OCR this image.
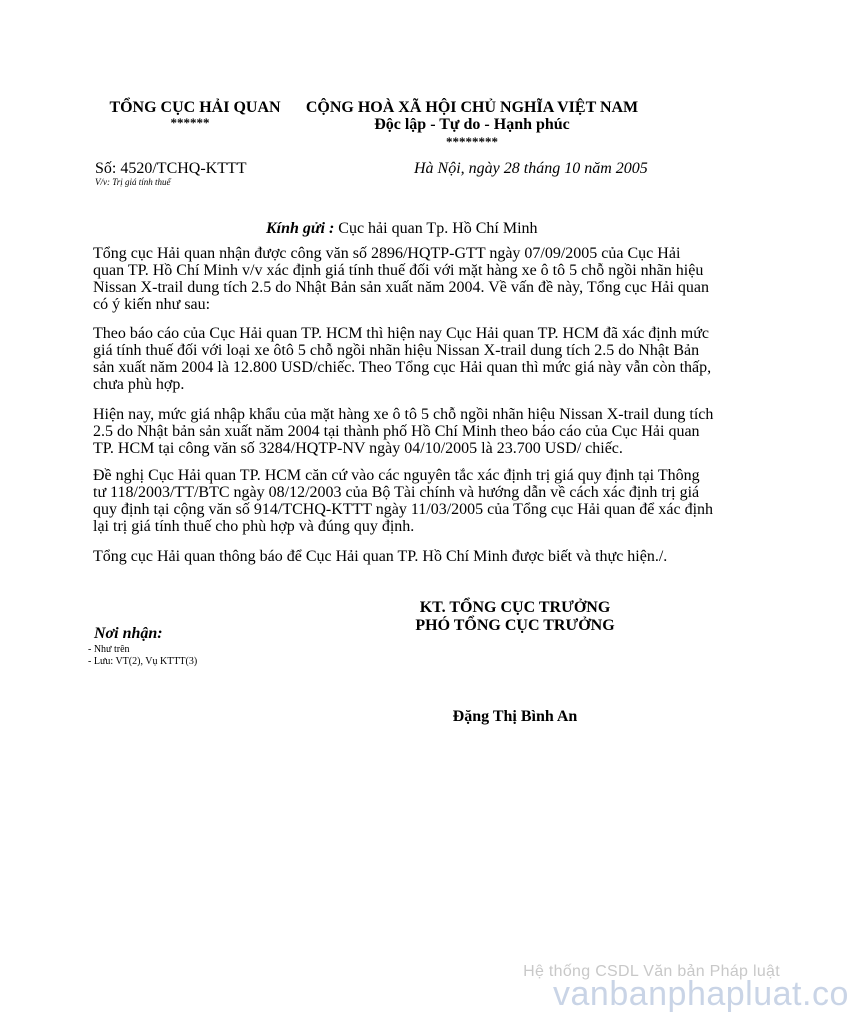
TỔNG CỤC HẢI QUAN
******
CỘNG HOÀ XÃ HỘI CHỦ NGHĨA VIỆT NAM
Độc lập - Tự do - Hạnh phúc
********
Số: 4520/TCHQ-KTTT
V/v: Trị giá tính thuế
Hà Nội, ngày 28 tháng 10 năm 2005
Kính gửi : Cục hải quan Tp. Hồ Chí Minh

Tổng cục Hải quan nhận được công văn số 2896/HQTP-GTT ngày 07/09/2005 của Cục Hải quan TP. Hồ Chí Minh v/v xác định giá tính thuế đối với mặt hàng xe ô tô 5 chỗ ngồi nhãn hiệu Nissan X-trail dung tích 2.5 do Nhật Bản sản xuất năm 2004. Về vấn đề này, Tổng cục Hải quan có ý kiến như sau:

Theo báo cáo của Cục Hải quan TP. HCM thì hiện nay Cục Hải quan TP. HCM đã xác định mức giá tính thuế đối với loại xe ôtô 5 chỗ ngồi nhãn hiệu Nissan X-trail dung tích 2.5 do Nhật Bản sản xuất năm 2004 là 12.800 USD/chiếc. Theo Tổng cục Hải quan thì mức giá này vẫn còn thấp, chưa phù hợp.

Hiện nay, mức giá nhập khẩu của mặt hàng xe ô tô 5 chỗ ngồi nhãn hiệu Nissan X-trail dung tích 2.5 do Nhật bản sản xuất năm 2004 tại thành phố Hồ Chí Minh theo báo cáo của Cục Hải quan TP. HCM tại công văn số 3284/HQTP-NV ngày 04/10/2005 là 23.700 USD/ chiếc.

Đề nghị Cục Hải quan TP. HCM căn cứ vào các nguyên tắc xác định trị giá quy định tại Thông tư 118/2003/TT/BTC ngày 08/12/2003 của Bộ Tài chính và hướng dẫn về cách xác định trị giá quy định tại cộng văn số 914/TCHQ-KTTT ngày 11/03/2005 của Tổng cục Hải quan để xác định lại trị giá tính thuế cho phù hợp và đúng quy định.

Tổng cục Hải quan thông báo để Cục Hải quan TP. Hồ Chí Minh được biết và thực hiện./.

KT. TỔNG CỤC TRƯỞNG
PHÓ TỔNG CỤC TRƯỞNG
Đặng Thị Bình An
Nơi nhận:
- Như trên
- Lưu: VT(2), Vụ KTTT(3)
Hệ thống CSDL Văn bản Pháp luật
vanbanphapluat.co
